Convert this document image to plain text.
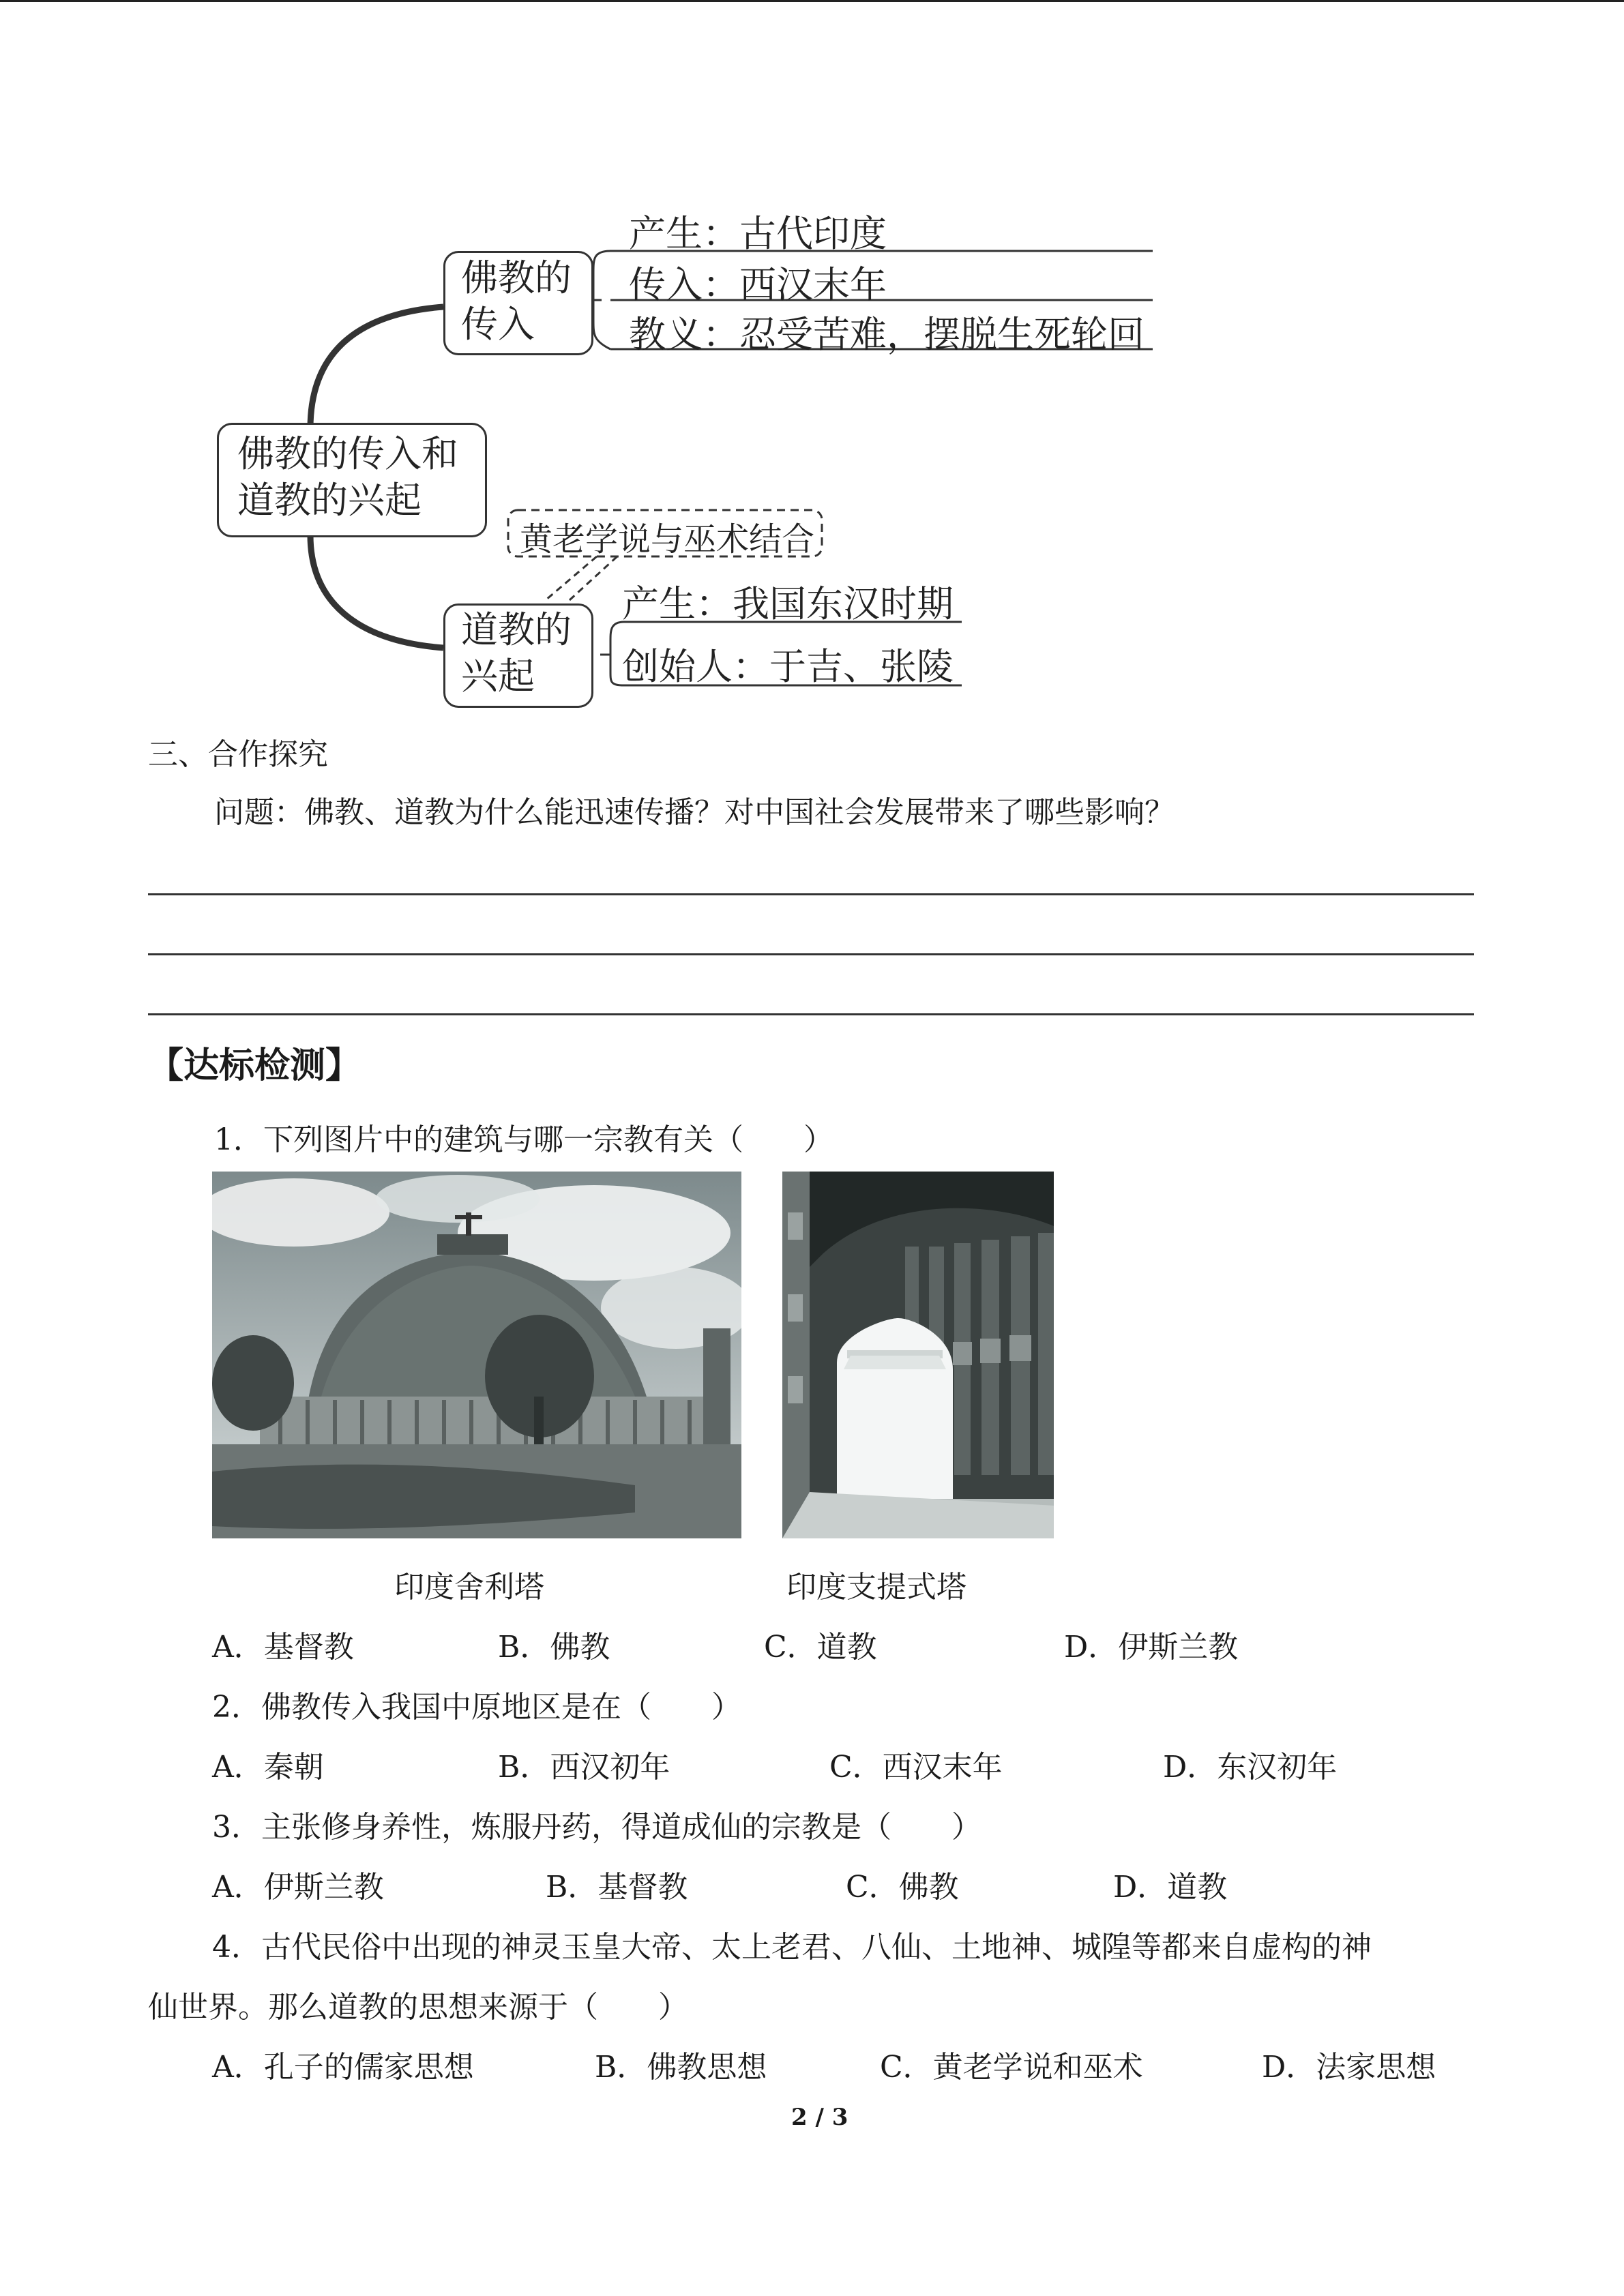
佛教的传入和
道教的兴起
佛教的
传入
产生：古代印度
传入：西汉末年
教义：忍受苦难，摆脱生死轮回
道教的
兴起
黄老学说与巫术结合
产生：我国东汉时期
创始人：于吉、张陵
三、合作探究
问题：佛教、道教为什么能迅速传播？对中国社会发展带来了哪些影响？
【达标检测】
1．下列图片中的建筑与哪一宗教有关（　　）
印度舍利塔	印度支提式塔
A．基督教	B．佛教	C．道教	D．伊斯兰教
2．佛教传入我国中原地区是在（　　）
A．秦朝	B．西汉初年	C．西汉末年	D．东汉初年
3．主张修身养性，炼服丹药，得道成仙的宗教是（　　）
A．伊斯兰教	B．基督教	C．佛教	D．道教
4．古代民俗中出现的神灵玉皇大帝、太上老君、八仙、土地神、城隍等都来自虚构的神
仙世界。那么道教的思想来源于（　　）
A．孔子的儒家思想	B．佛教思想	C．黄老学说和巫术	D．法家思想
2 / 3
